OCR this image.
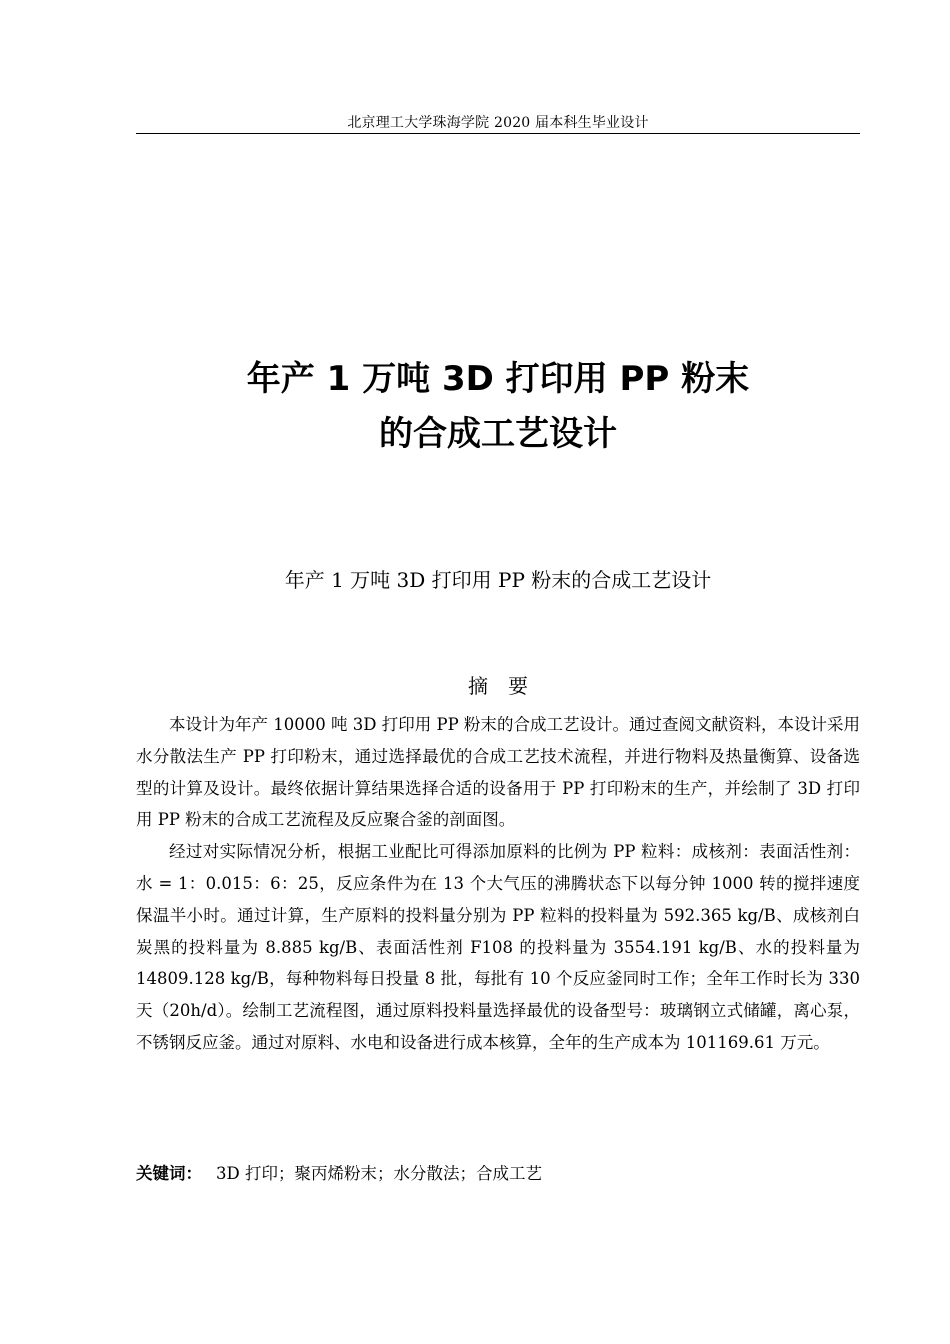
北京理工大学珠海学院 2020 届本科生毕业设计
年产 1 万吨 3D 打印用 PP 粉末
的合成工艺设计
年产 1 万吨 3D 打印用 PP 粉末的合成工艺设计
摘要

本设计为年产 10000 吨 3D 打印用 PP 粉末的合成工艺设计。通过查阅文献资料，本设计采用水分散法生产 PP 打印粉末，通过选择最优的合成工艺技术流程，并进行物料及热量衡算、设备选型的计算及设计。最终依据计算结果选择合适的设备用于 PP 打印粉末的生产，并绘制了 3D 打印用 PP 粉末的合成工艺流程及反应聚合釜的剖面图。

经过对实际情况分析，根据工业配比可得添加原料的比例为 PP 粒料：成核剂：表面活性剂：水 = 1：0.015：6：25，反应条件为在 13 个大气压的沸腾状态下以每分钟 1000 转的搅拌速度保温半小时。通过计算，生产原料的投料量分别为 PP 粒料的投料量为 592.365 kg/B、成核剂白炭黑的投料量为 8.885 kg/B、表面活性剂 F108 的投料量为 3554.191 kg/B、水的投料量为 14809.128 kg/B，每种物料每日投量 8 批，每批有 10 个反应釜同时工作；全年工作时长为 330 天（20h/d）。绘制工艺流程图，通过原料投料量选择最优的设备型号：玻璃钢立式储罐，离心泵，不锈钢反应釜。通过对原料、水电和设备进行成本核算，全年的生产成本为 101169.61 万元。

关键词： 3D 打印；聚丙烯粉末；水分散法；合成工艺
